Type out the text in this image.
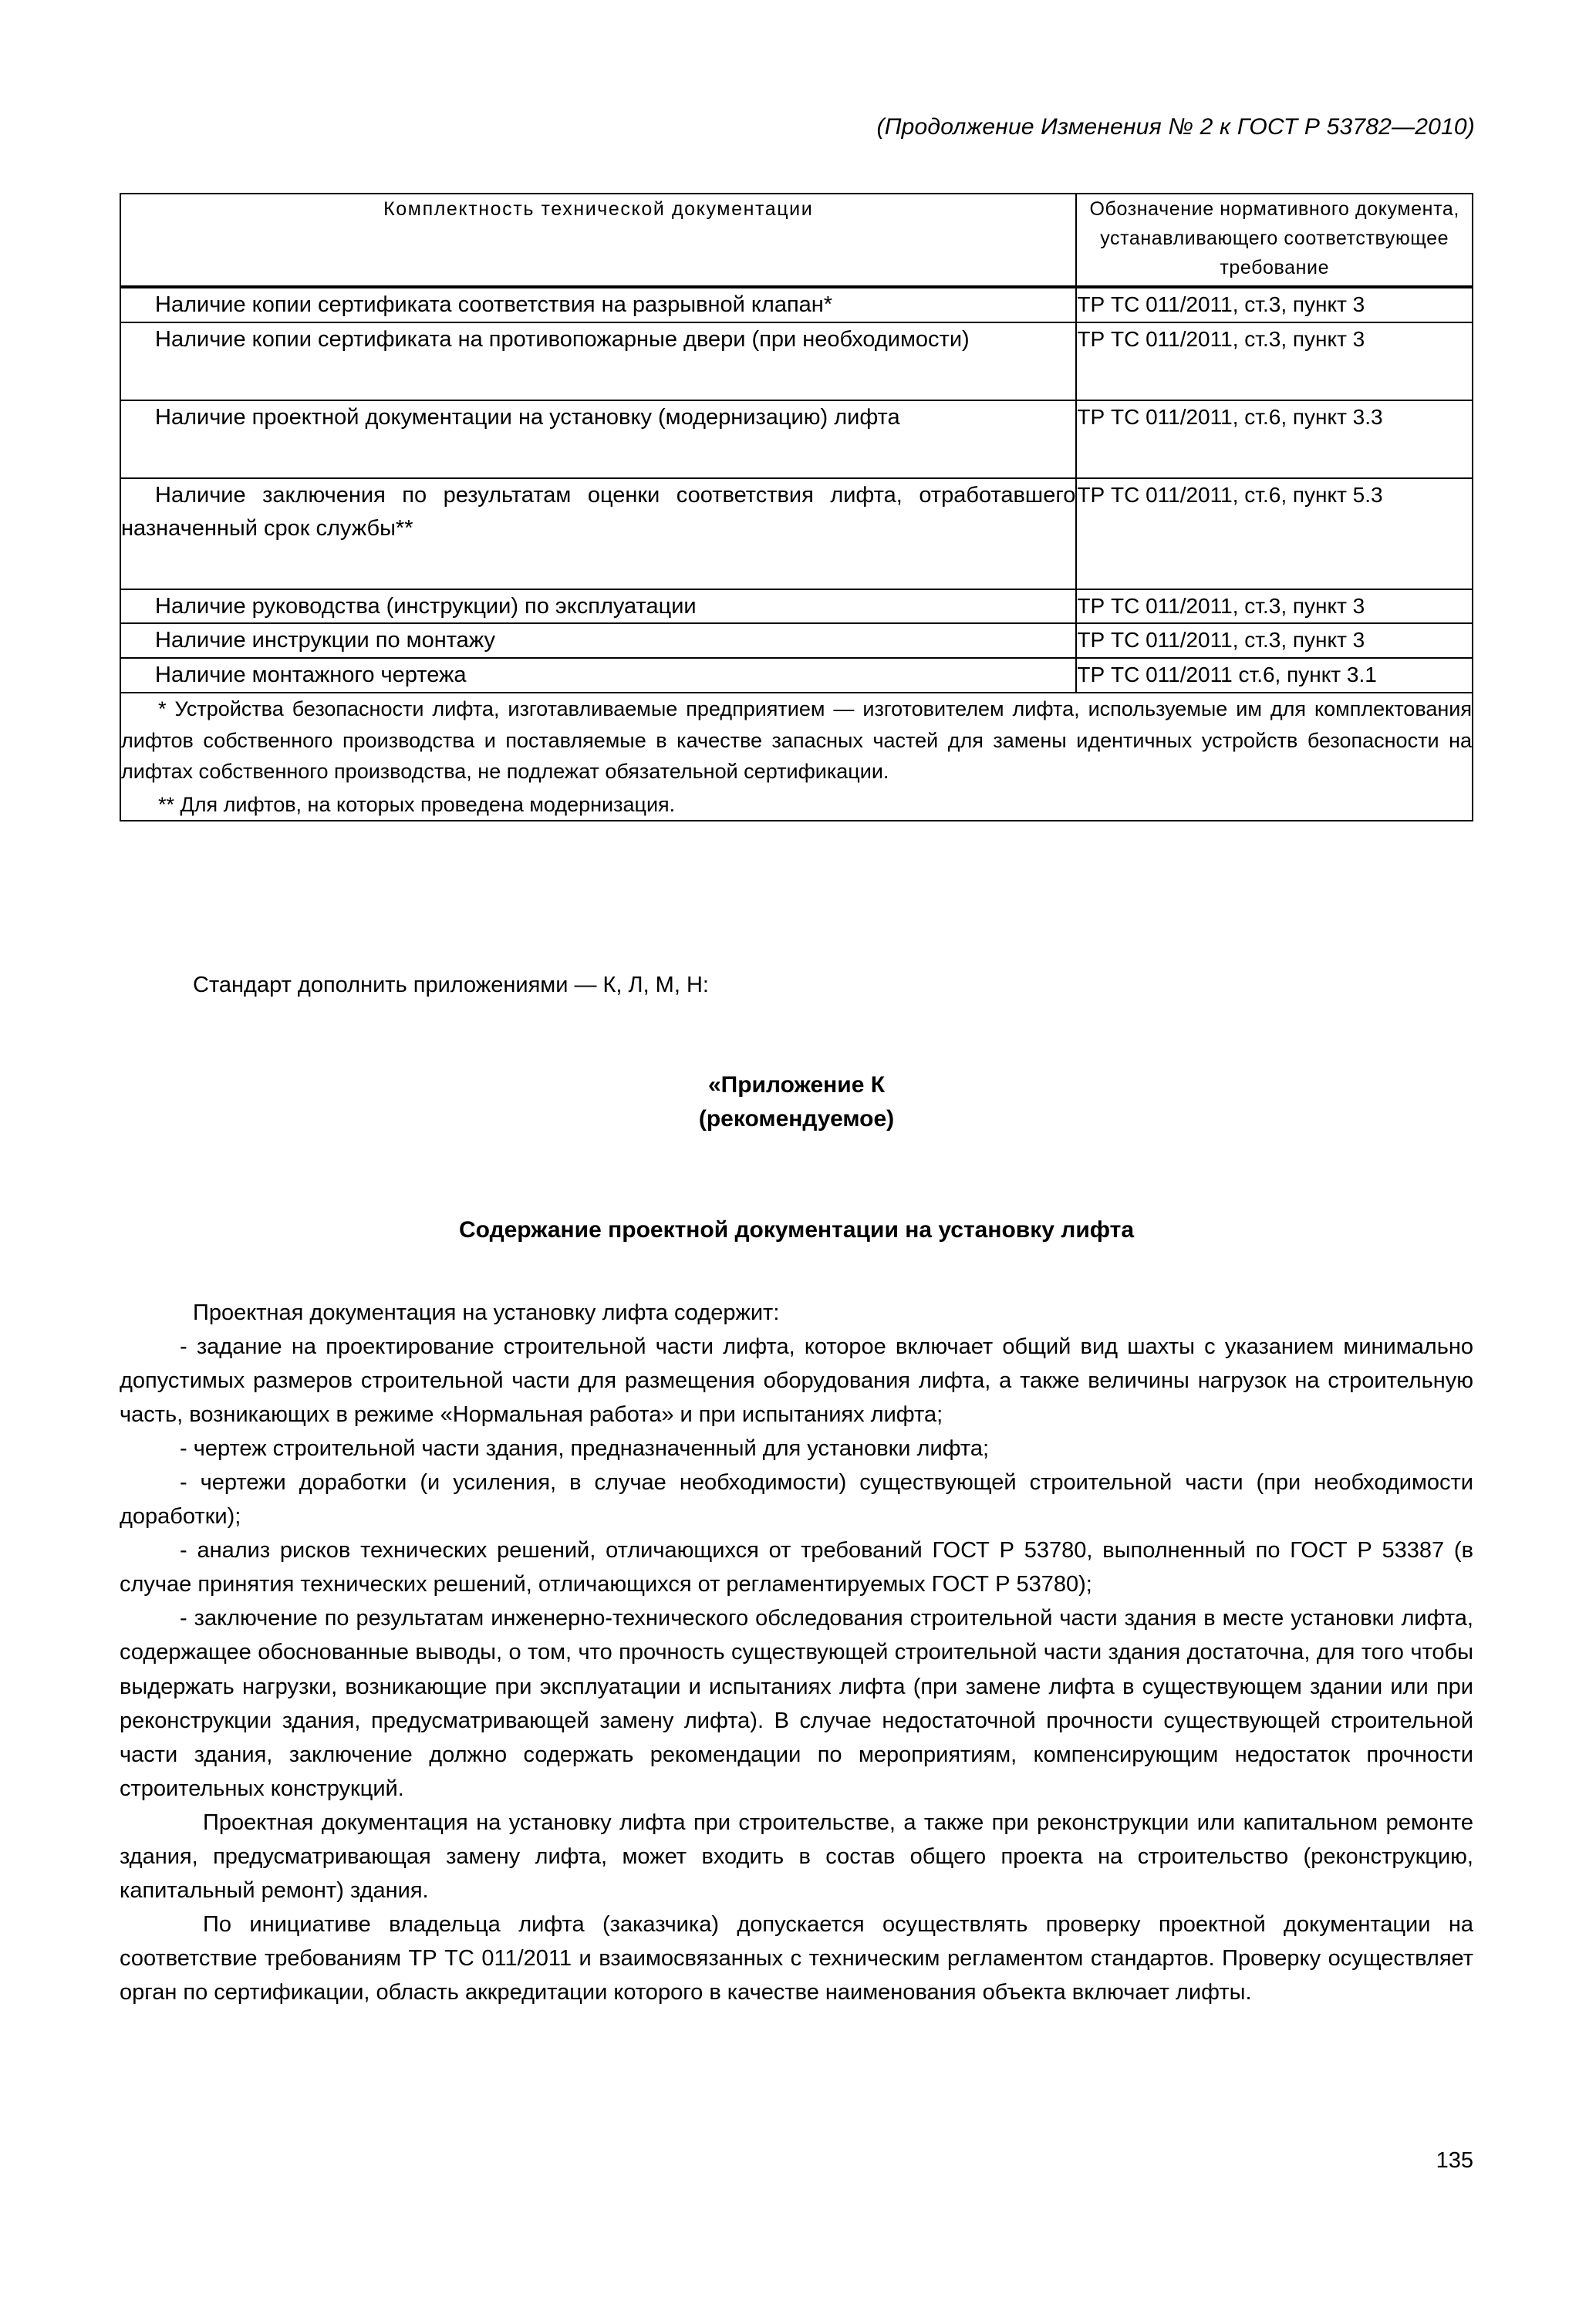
(Продолжение Изменения № 2 к ГОСТ Р 53782—2010)
Комплектность технической документации	Обозначение нормативного документа, устанавливающего соответствующее требование
Наличие копии сертификата соответствия на разрывной клапан*	ТР ТС 011/2011, ст.3, пункт 3
Наличие копии сертификата на противопожарные двери (при необходимости)	ТР ТС 011/2011, ст.3, пункт 3
Наличие проектной документации на установку (модернизацию) лифта	ТР ТС 011/2011, ст.6, пункт 3.3
Наличие заключения по результатам оценки соответствия лифта, отработавшего назначенный срок службы**	ТР ТС 011/2011, ст.6, пункт 5.3
Наличие руководства (инструкции) по эксплуатации	ТР ТС 011/2011, ст.3, пункт 3
Наличие инструкции по монтажу	ТР ТС 011/2011, ст.3, пункт 3
Наличие монтажного чертежа	ТР ТС 011/2011 ст.6, пункт 3.1

* Устройства безопасности лифта, изготавливаемые предприятием — изготовителем лифта, используемые им для комплектования лифтов собственного производства и поставляемые в качестве запасных частей для замены идентичных устройств безопасности на лифтах собственного производства, не подлежат обязательной сертификации.

** Для лифтов, на которых проведена модернизация.	

Стандарт дополнить приложениями — К, Л, М, Н:

«Приложение К

(рекомендуемое)

Содержание проектной документации на установку лифта

Проектная документация на установку лифта содержит:

- задание на проектирование строительной части лифта, которое включает общий вид шахты с указанием минимально допустимых размеров строительной части для размещения оборудования лифта, а также величины нагрузок на строительную часть, возникающих в режиме «Нормальная работа» и при испытаниях лифта;

- чертеж строительной части здания, предназначенный для установки лифта;

- чертежи доработки (и усиления, в случае необходимости) существующей строительной части (при необходимости доработки);

- анализ рисков технических решений, отличающихся от требований ГОСТ Р 53780, выполненный по ГОСТ Р 53387 (в случае принятия технических решений, отличающихся от регламентируемых ГОСТ Р 53780);

- заключение по результатам инженерно-технического обследования строительной части здания в месте установки лифта, содержащее обоснованные выводы, о том, что прочность существующей строительной части здания достаточна, для того чтобы выдержать нагрузки, возникающие при эксплуатации и испытаниях лифта (при замене лифта в существующем здании или при реконструкции здания, предусматривающей замену лифта). В случае недостаточной прочности существующей строительной части здания, заключение должно содержать рекомендации по мероприятиям, компенсирующим недостаток прочности строительных конструкций.

Проектная документация на установку лифта при строительстве, а также при реконструкции или капитальном ремонте здания, предусматривающая замену лифта, может входить в состав общего проекта на строительство (реконструкцию, капитальный ремонт) здания.

По инициативе владельца лифта (заказчика) допускается осуществлять проверку проектной документации на соответствие требованиям ТР ТС 011/2011 и взаимосвязанных с техническим регламентом стандартов. Проверку осуществляет орган по сертификации, область аккредитации которого в качестве наименования объекта включает лифты.

135
